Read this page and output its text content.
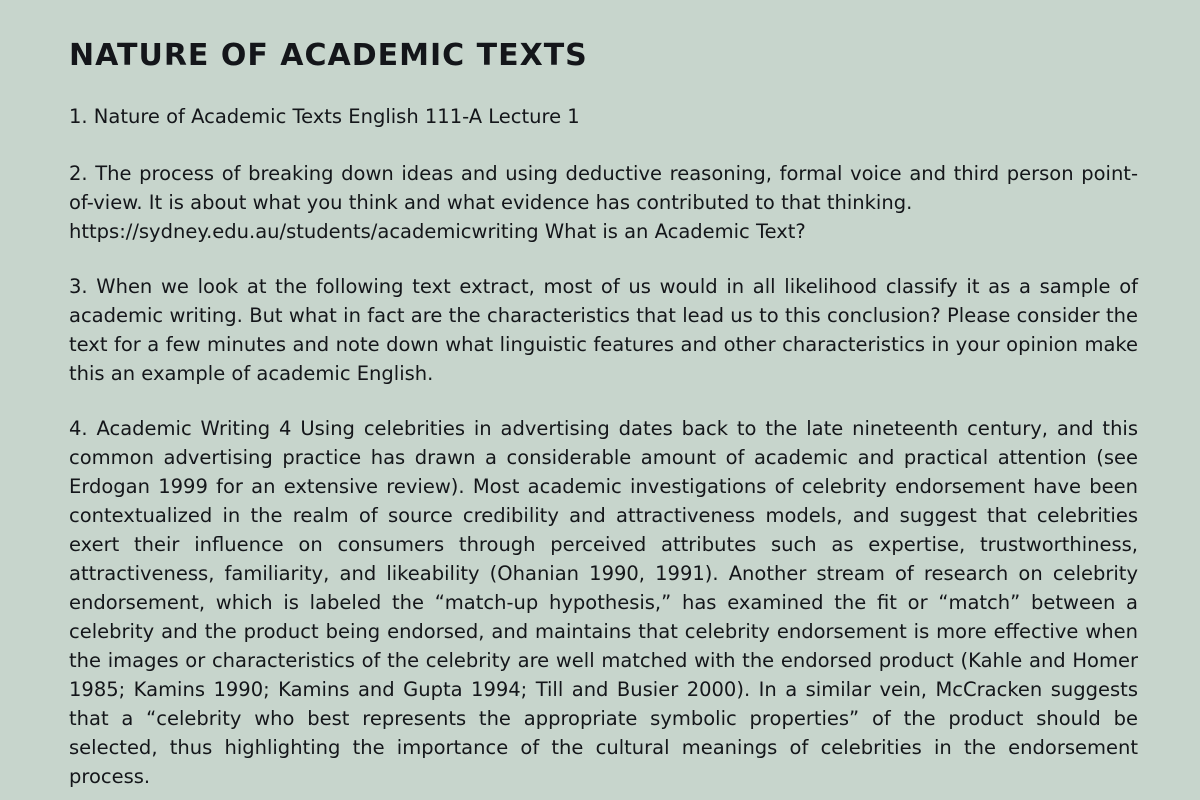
NATURE OF ACADEMIC TEXTS

1. Nature of Academic Texts English 111-A Lecture 1

2. The process of breaking down ideas and using deductive reasoning, formal voice and third person point-of-view. It is about what you think and what evidence has contributed to that thinking.
https://sydney.edu.au/students/academicwriting What is an Academic Text?

3. When we look at the following text extract, most of us would in all likelihood classify it as a sample of academic writing. But what in fact are the characteristics that lead us to this conclusion? Please consider the text for a few minutes and note down what linguistic features and other characteristics in your opinion make this an example of academic English.

4. Academic Writing 4 Using celebrities in advertising dates back to the late nineteenth century, and this common advertising practice has drawn a considerable amount of academic and practical attention (see Erdogan 1999 for an extensive review). Most academic investigations of celebrity endorsement have been contextualized in the realm of source credibility and attractiveness models, and suggest that celebrities exert their influence on consumers through perceived attributes such as expertise, trustworthiness, attractiveness, familiarity, and likeability (Ohanian 1990, 1991). Another stream of research on celebrity endorsement, which is labeled the “match-up hypothesis,” has examined the fit or “match” between a celebrity and the product being endorsed, and maintains that celebrity endorsement is more effective when the images or characteristics of the celebrity are well matched with the endorsed product (Kahle and Homer 1985; Kamins 1990; Kamins and Gupta 1994; Till and Busier 2000). In a similar vein, McCracken suggests that a “celebrity who best represents the appropriate symbolic properties” of the product should be selected, thus highlighting the importance of the cultural meanings of celebrities in the endorsement process.
